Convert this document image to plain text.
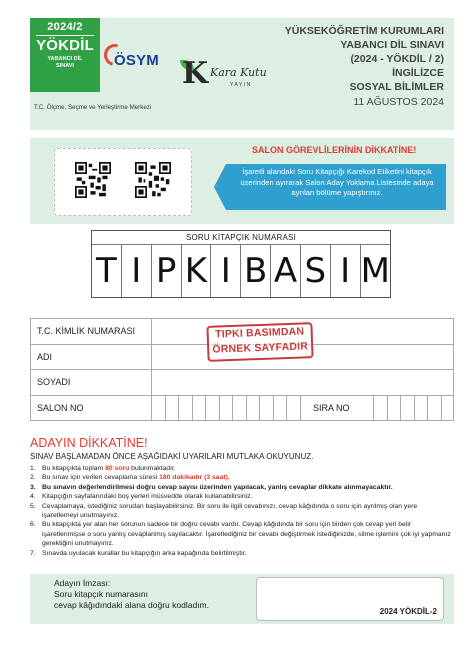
2024/2
YÖKDİL
YABANCI DİL
SINAVI	ÖSYM
T.C. Ölçme, Seçme ve Yerleştirme Merkezi
K Kara Kutu
YAYIN
YÜKSEKÖĞRETİM KURUMLARI
YABANCI DİL SINAVI
(2024 - YÖKDİL / 2)
İNGİLİZCE
SOSYAL BİLİMLER
11 AĞUSTOS 2024
SALON GÖREVLİLERİNİN DİKKATİNE!
İşaretli alandaki Soru Kitapçığı Karekod Etiketini kitapçık üzerinden ayırarak Salon Aday Yoklama Listesinde adaya ayrılan bölüme yapıştırınız.
SORU KİTAPÇIK NUMARASI
T I P K I B A S I M
T.C. KİMLİK NUMARASI
ADI
SOYADI
SALON NO	SIRA NO
TIPKI BASIMDAN
ÖRNEK SAYFADIR
ADAYIN DİKKATİNE!
SINAV BAŞLAMADAN ÖNCE AŞAĞIDAKİ UYARILARI MUTLAKA OKUYUNUZ.
1. Bu kitapçıkta toplam 80 soru bulunmaktadır.
2. Bu sınav için verilen cevaplama süresi 180 dakikadır (3 saat).
3. Bu sınavın değerlendirilmesi doğru cevap sayısı üzerinden yapılacak, yanlış cevaplar dikkate alınmayacaktır.
4. Kitapçığın sayfalarındaki boş yerleri müsvedde olarak kullanabilirsiniz.
5. Cevaplamaya, istediğiniz sorudan başlayabilirsiniz. Bir soru ile ilgili cevabınızı, cevap kâğıdında o soru için ayrılmış olan yere işaretlemeyi unutmayınız.
6. Bu kitapçıkta yer alan her sorunun sadece bir doğru cevabı vardır. Cevap kâğıdında bir soru için birden çok cevap yeri belir işaretlenmişse o soru yanlış cevaplanmış sayılacaktır. İşaretlediğiniz bir cevabı değiştirmek istediğinizde, silme işlemini çok iyi yapmanız gerektiğini unutmayınız.
7. Sınavda uyulacak kurallar bu kitapçığın arka kapağında belirtilmiştir.
Adayın İmzası:
Soru kitapçık numarasını
cevap kâğıdındaki alana doğru kodladım.
2024 YÖKDİL-2
